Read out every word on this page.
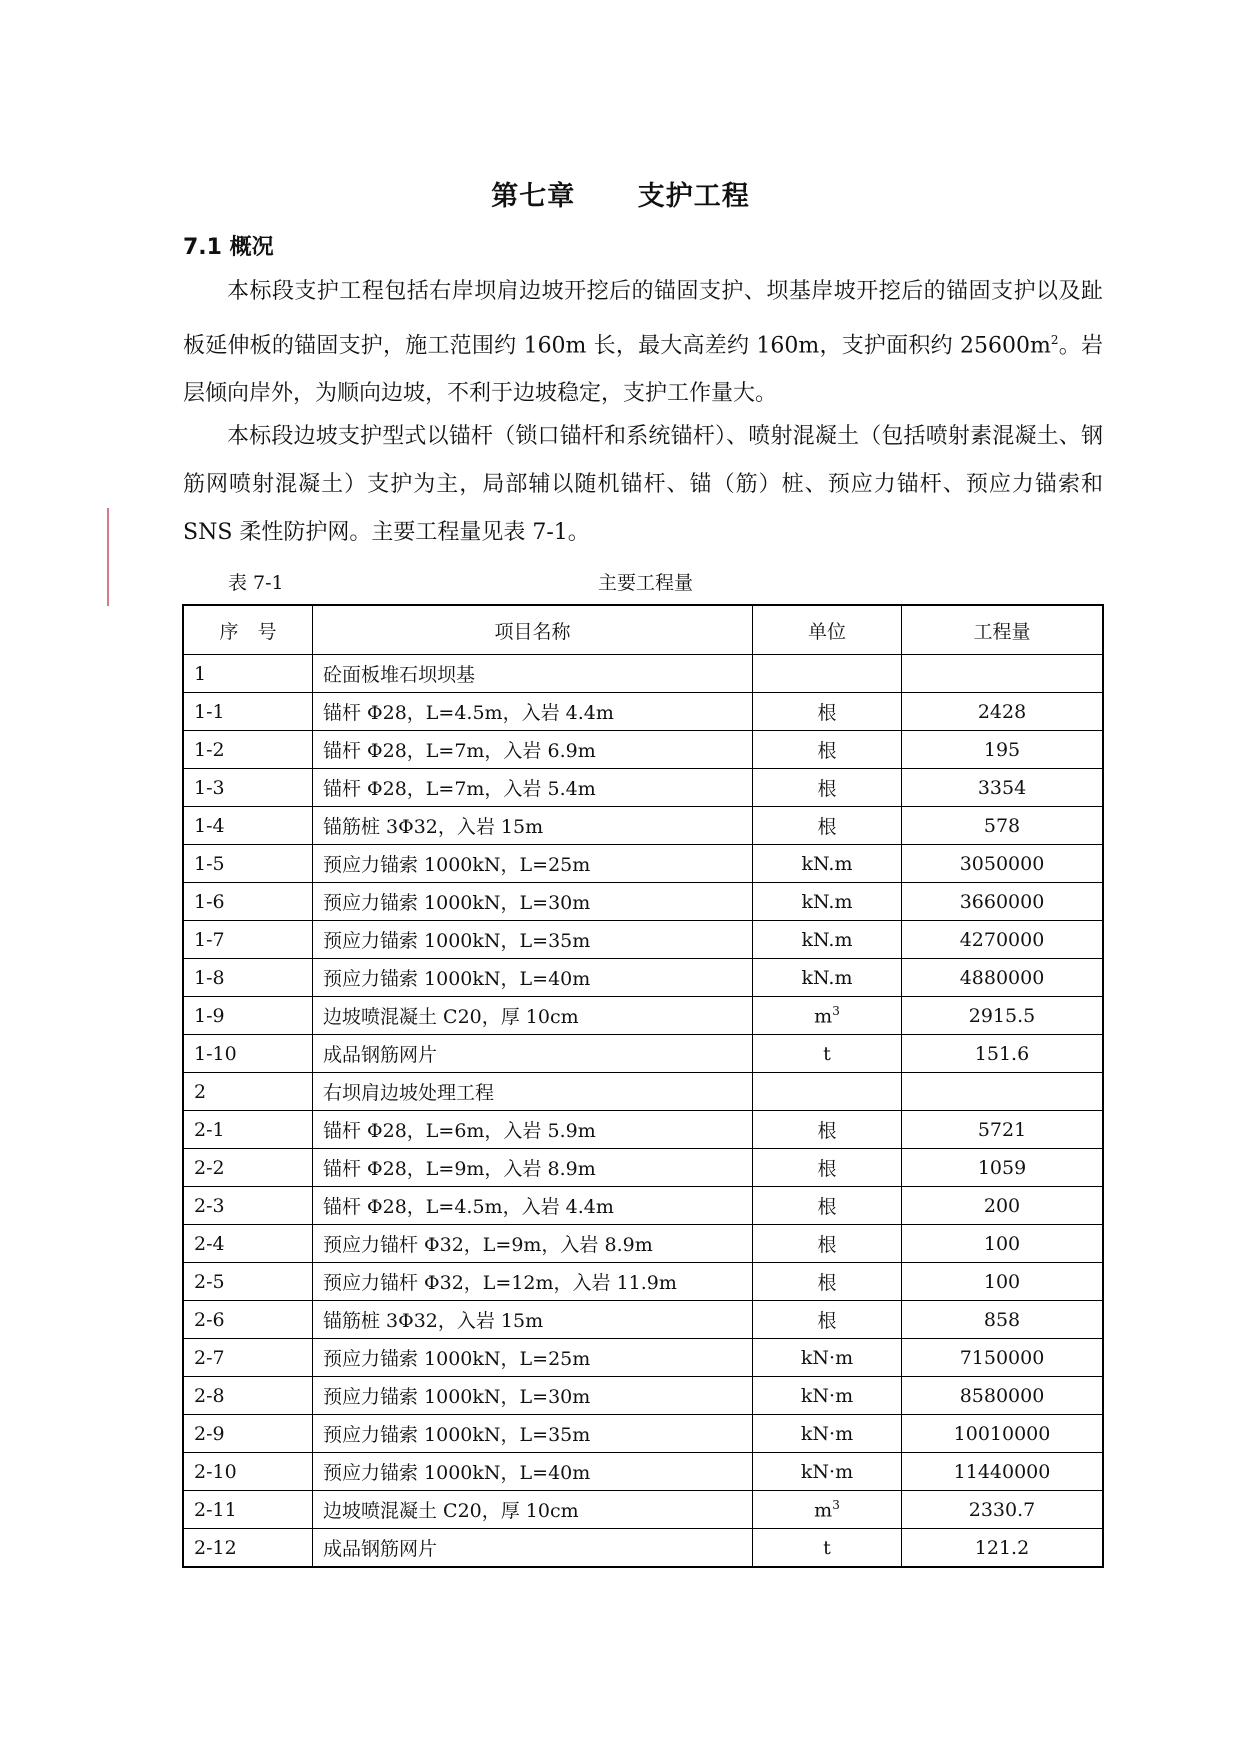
第七章      支护工程
7.1 概况

本标段支护工程包括右岸坝肩边坡开挖后的锚固支护、坝基岸坡开挖后的锚固支护以及趾板延伸板的锚固支护，施工范围约 160m 长，最大高差约 160m，支护面积约 $25600m^2$。岩层倾向岸外，为顺向边坡，不利于边坡稳定，支护工作量大。

本标段边坡支护型式以锚杆（锁口锚杆和系统锚杆）、喷射混凝土（包括喷射素混凝土、钢筋网喷射混凝土）支护为主，局部辅以随机锚杆、锚（筋）桩、预应力锚杆、预应力锚索和 SNS 柔性防护网。主要工程量见表 7-1。

表 7-1	主要工程量
序　号	项目名称	单位	工程量
1	砼面板堆石坝坝基		
1-1	锚杆 Φ28，L=4.5m，入岩 4.4m	根	2428
1-2	锚杆 Φ28，L=7m，入岩 6.9m	根	195
1-3	锚杆 Φ28，L=7m，入岩 5.4m	根	3354
1-4	锚筋桩 3Φ32，入岩 15m	根	578
1-5	预应力锚索 1000kN，L=25m	kN.m	3050000
1-6	预应力锚索 1000kN，L=30m	kN.m	3660000
1-7	预应力锚索 1000kN，L=35m	kN.m	4270000
1-8	预应力锚索 1000kN，L=40m	kN.m	4880000
1-9	边坡喷混凝土 C20，厚 10cm	$m^3$	2915.5
1-10	成品钢筋网片	t	151.6
2	右坝肩边坡处理工程		
2-1	锚杆 Φ28，L=6m，入岩 5.9m	根	5721
2-2	锚杆 Φ28，L=9m，入岩 8.9m	根	1059
2-3	锚杆 Φ28，L=4.5m，入岩 4.4m	根	200
2-4	预应力锚杆 Φ32，L=9m，入岩 8.9m	根	100
2-5	预应力锚杆 Φ32，L=12m，入岩 11.9m	根	100
2-6	锚筋桩 3Φ32，入岩 15m	根	858
2-7	预应力锚索 1000kN，L=25m	kN·m	7150000
2-8	预应力锚索 1000kN，L=30m	kN·m	8580000
2-9	预应力锚索 1000kN，L=35m	kN·m	10010000
2-10	预应力锚索 1000kN，L=40m	kN·m	11440000
2-11	边坡喷混凝土 C20，厚 10cm	$m^3$	2330.7
2-12	成品钢筋网片	t	121.2
